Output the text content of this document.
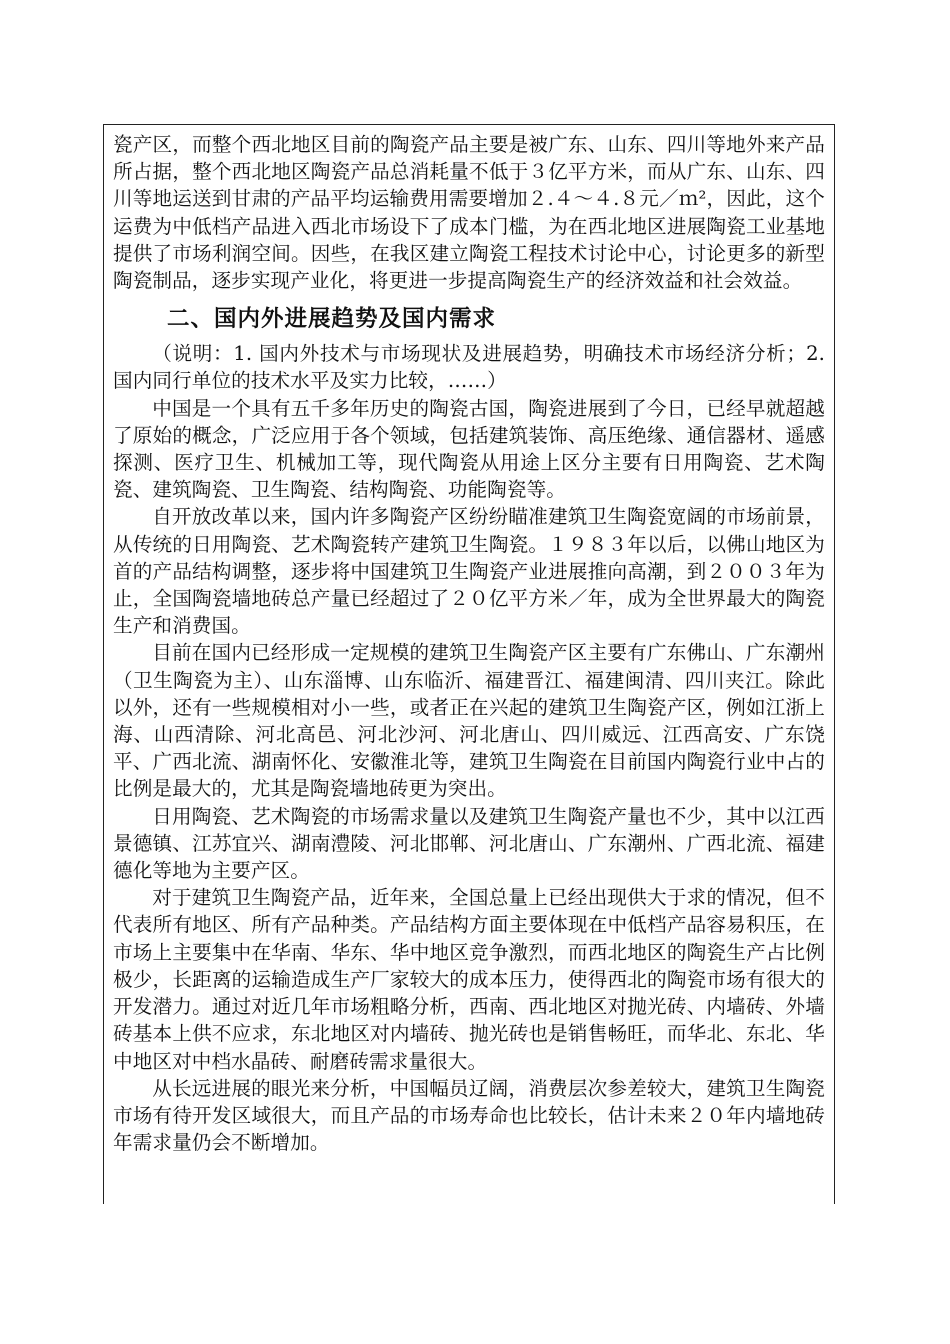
瓷产区，而整个西北地区目前的陶瓷产品主要是被广东、山东、四川等地外来产品所占据，整个西北地区陶瓷产品总消耗量不低于３亿平方米，而从广东、山东、四川等地运送到甘肃的产品平均运输费用需要增加２.４～４.８元／ｍ²，因此，这个运费为中低档产品进入西北市场设下了成本门槛，为在西北地区进展陶瓷工业基地提供了市场利润空间。因些，在我区建立陶瓷工程技术讨论中心，讨论更多的新型陶瓷制品，逐步实现产业化，将更进一步提高陶瓷生产的经济效益和社会效益。

二、国内外进展趋势及国内需求

（说明：1. 国内外技术与市场现状及进展趋势，明确技术市场经济分析；2. 国内同行单位的技术水平及实力比较，……）

中国是一个具有五千多年历史的陶瓷古国，陶瓷进展到了今日，已经早就超越了原始的概念，广泛应用于各个领域，包括建筑装饰、高压绝缘、通信器材、遥感探测、医疗卫生、机械加工等，现代陶瓷从用途上区分主要有日用陶瓷、艺术陶瓷、建筑陶瓷、卫生陶瓷、结构陶瓷、功能陶瓷等。

自开放改革以来，国内许多陶瓷产区纷纷瞄准建筑卫生陶瓷宽阔的市场前景，从传统的日用陶瓷、艺术陶瓷转产建筑卫生陶瓷。１９８３年以后，以佛山地区为首的产品结构调整，逐步将中国建筑卫生陶瓷产业进展推向高潮，到２００３年为止，全国陶瓷墙地砖总产量已经超过了２０亿平方米／年，成为全世界最大的陶瓷生产和消费国。

目前在国内已经形成一定规模的建筑卫生陶瓷产区主要有广东佛山、广东潮州（卫生陶瓷为主）、山东淄博、山东临沂、福建晋江、福建闽清、四川夹江。除此以外，还有一些规模相对小一些，或者正在兴起的建筑卫生陶瓷产区，例如江浙上海、山西清除、河北高邑、河北沙河、河北唐山、四川威远、江西高安、广东饶平、广西北流、湖南怀化、安徽淮北等，建筑卫生陶瓷在目前国内陶瓷行业中占的比例是最大的，尤其是陶瓷墙地砖更为突出。

日用陶瓷、艺术陶瓷的市场需求量以及建筑卫生陶瓷产量也不少，其中以江西景德镇、江苏宜兴、湖南澧陵、河北邯郸、河北唐山、广东潮州、广西北流、福建德化等地为主要产区。

对于建筑卫生陶瓷产品，近年来，全国总量上已经出现供大于求的情况，但不代表所有地区、所有产品种类。产品结构方面主要体现在中低档产品容易积压，在市场上主要集中在华南、华东、华中地区竞争激烈，而西北地区的陶瓷生产占比例极少，长距离的运输造成生产厂家较大的成本压力，使得西北的陶瓷市场有很大的开发潜力。通过对近几年市场粗略分析，西南、西北地区对抛光砖、内墙砖、外墙砖基本上供不应求，东北地区对内墙砖、抛光砖也是销售畅旺，而华北、东北、华中地区对中档水晶砖、耐磨砖需求量很大。

从长远进展的眼光来分析，中国幅员辽阔，消费层次参差较大，建筑卫生陶瓷市场有待开发区域很大，而且产品的市场寿命也比较长，估计未来２０年内墙地砖年需求量仍会不断增加。
